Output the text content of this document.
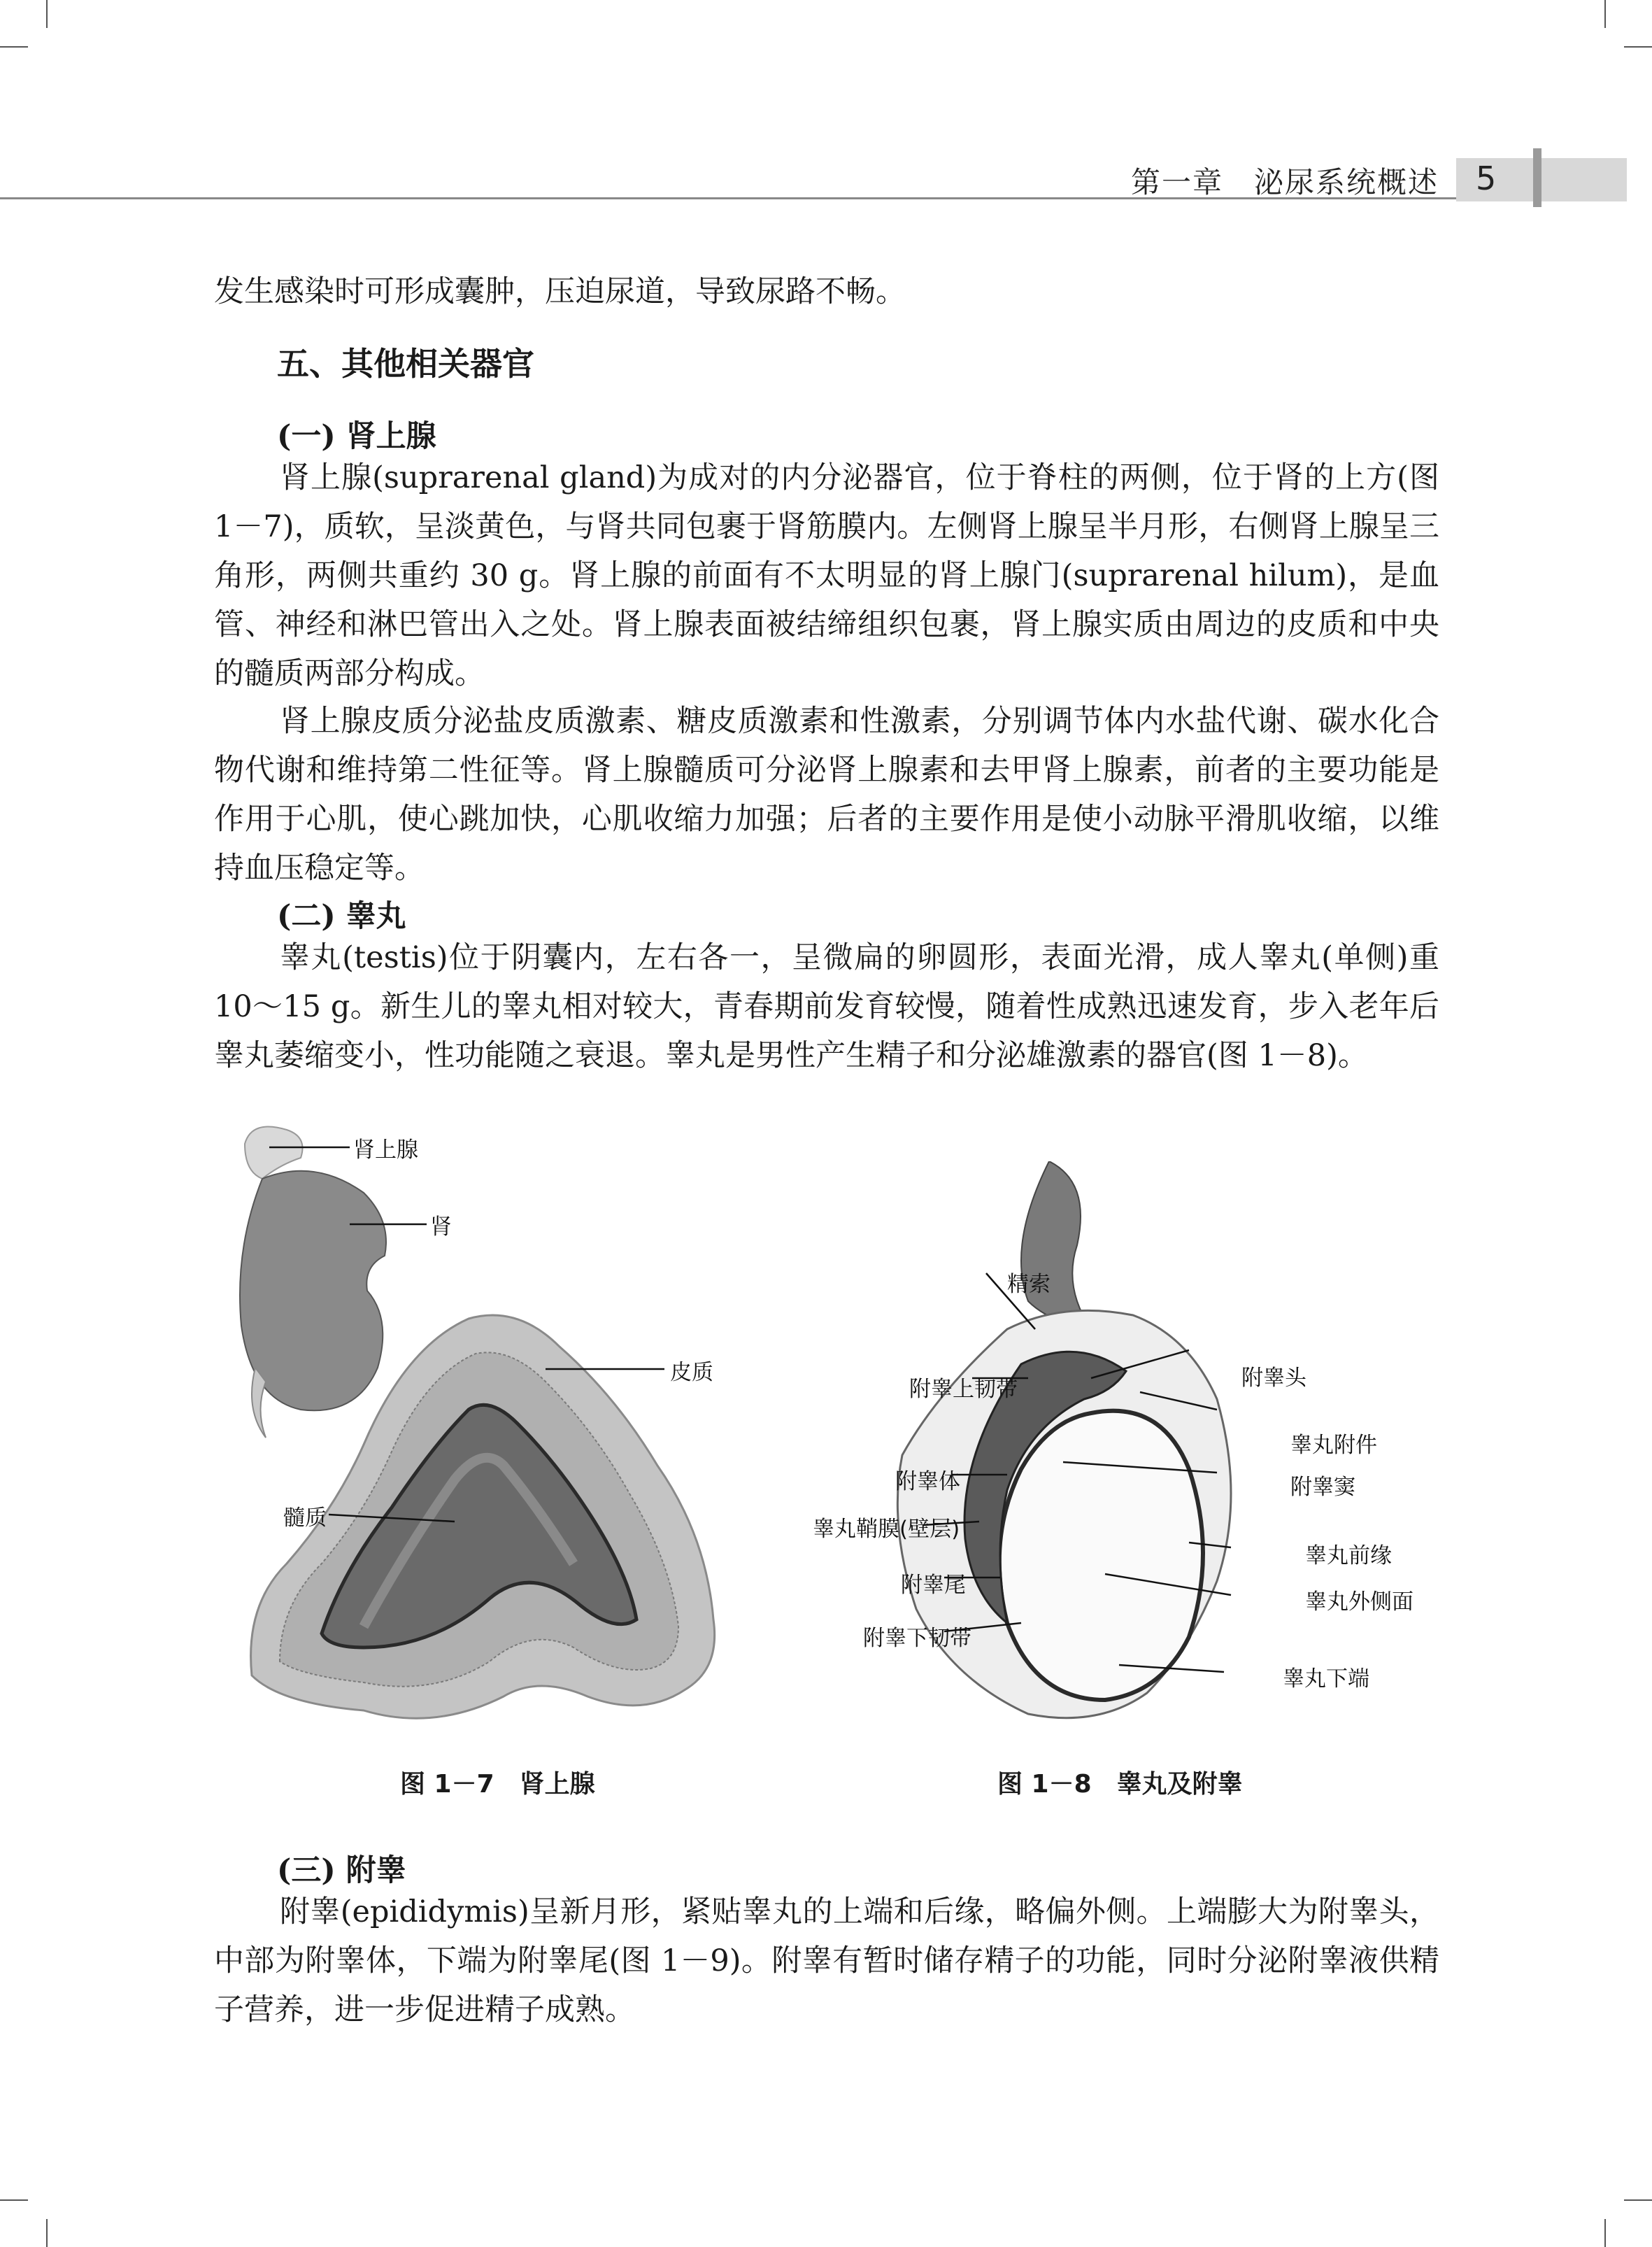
第一章　泌尿系统概述 5

发生感染时可形成囊肿，压迫尿道，导致尿路不畅。

五、其他相关器官
(一) 肾上腺

肾上腺(suprarenal gland)为成对的内分泌器官，位于脊柱的两侧，位于肾的上方(图 1－7)，质软，呈淡黄色，与肾共同包裹于肾筋膜内。左侧肾上腺呈半月形，右侧肾上腺呈三角形，两侧共重约 30 g。肾上腺的前面有不太明显的肾上腺门(suprarenal hilum)，是血管、神经和淋巴管出入之处。肾上腺表面被结缔组织包裹，肾上腺实质由周边的皮质和中央的髓质两部分构成。

肾上腺皮质分泌盐皮质激素、糖皮质激素和性激素，分别调节体内水盐代谢、碳水化合物代谢和维持第二性征等。肾上腺髓质可分泌肾上腺素和去甲肾上腺素，前者的主要功能是作用于心肌，使心跳加快，心肌收缩力加强；后者的主要作用是使小动脉平滑肌收缩，以维持血压稳定等。

(二) 睾丸

睾丸(testis)位于阴囊内，左右各一，呈微扁的卵圆形，表面光滑，成人睾丸(单侧)重 10～15 g。新生儿的睾丸相对较大，青春期前发育较慢，随着性成熟迅速发育，步入老年后睾丸萎缩变小，性功能随之衰退。睾丸是男性产生精子和分泌雄激素的器官(图 1－8)。

肾上腺
肾
皮质
髓质
图 1－7　肾上腺
精索
附睾头
附睾上韧带
睾丸附件
附睾体	附睾窦
睾丸鞘膜(壁层)
睾丸前缘
附睾尾
睾丸外侧面
附睾下韧带
睾丸下端
图 1－8　睾丸及附睾
(三) 附睾

附睾(epididymis)呈新月形，紧贴睾丸的上端和后缘，略偏外侧。上端膨大为附睾头，中部为附睾体，下端为附睾尾(图 1－9)。附睾有暂时储存精子的功能，同时分泌附睾液供精子营养，进一步促进精子成熟。
